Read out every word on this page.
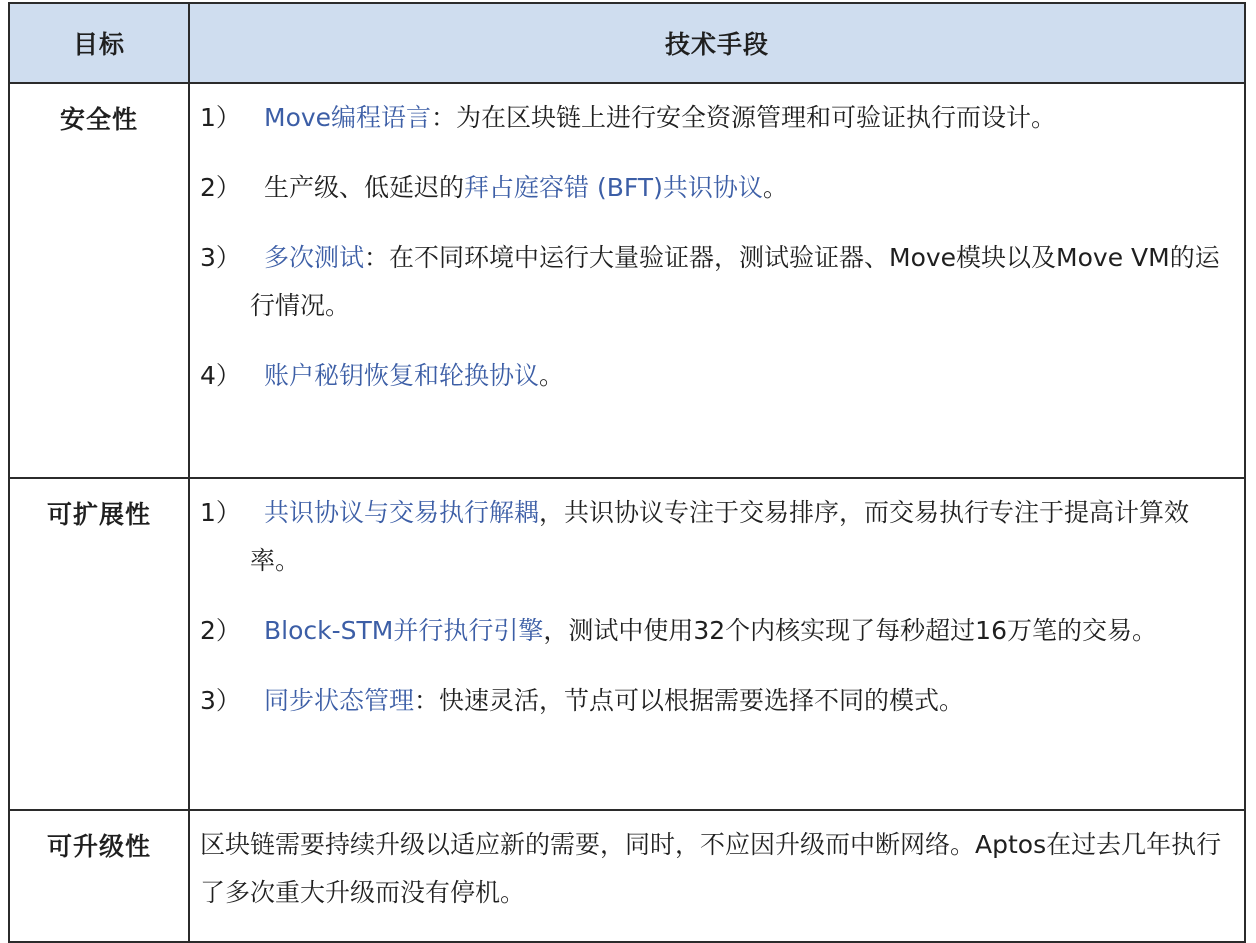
目标	技术手段
安全性	1） Move编程语言：为在区块链上进行安全资源管理和可验证执行而设计。
2） 生产级、低延迟的拜占庭容错 (BFT)共识协议。
3） 多次测试：在不同环境中运行大量验证器，测试验证器、Move模块以及Move VM的运行情况。
4） 账户秘钥恢复和轮换协议。

可扩展性	1） 共识协议与交易执行解耦，共识协议专注于交易排序，而交易执行专注于提高计算效率。
2） Block-STM并行执行引擎，测试中使用32个内核实现了每秒超过16万笔的交易。
3） 同步状态管理：快速灵活，节点可以根据需要选择不同的模式。

可升级性	区块链需要持续升级以适应新的需要，同时，不应因升级而中断网络。Aptos在过去几年执行了多次重大升级而没有停机。
